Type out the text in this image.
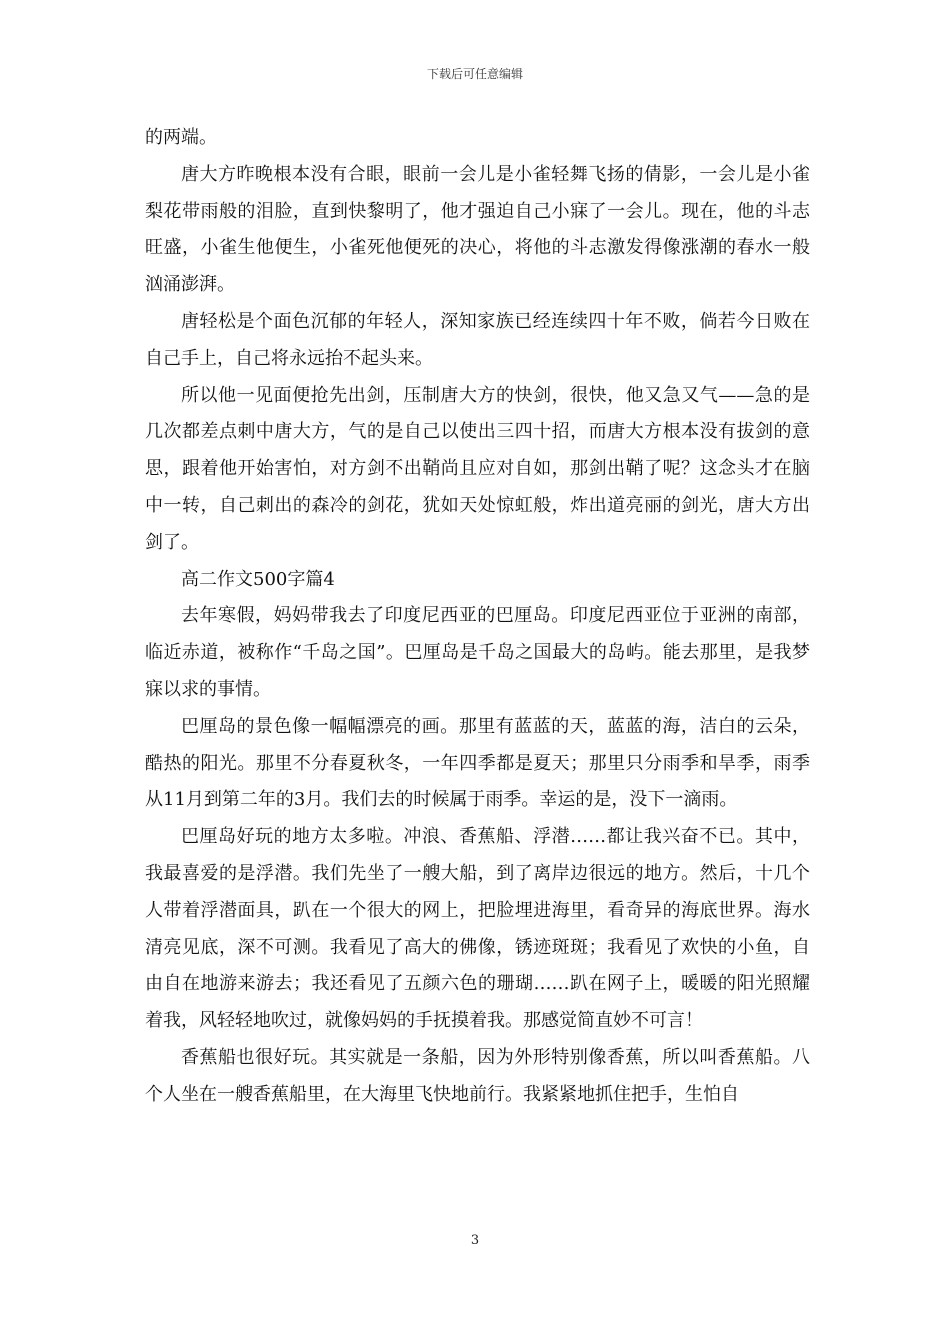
下载后可任意编辑

的两端。

唐大方昨晚根本没有合眼，眼前一会儿是小雀轻舞飞扬的倩影，一会儿是小雀梨花带雨般的泪脸，直到快黎明了，他才强迫自己小寐了一会儿。现在，他的斗志旺盛，小雀生他便生，小雀死他便死的决心，将他的斗志激发得像涨潮的春水一般汹涌澎湃。

唐轻松是个面色沉郁的年轻人，深知家族已经连续四十年不败，倘若今日败在自己手上，自己将永远抬不起头来。

所以他一见面便抢先出剑，压制唐大方的快剑，很快，他又急又气——急的是几次都差点刺中唐大方，气的是自己以使出三四十招，而唐大方根本没有拔剑的意思，跟着他开始害怕，对方剑不出鞘尚且应对自如，那剑出鞘了呢？这念头才在脑中一转，自己刺出的森冷的剑花，犹如天处惊虹般，炸出道亮丽的剑光，唐大方出剑了。

高二作文500字篇4

去年寒假，妈妈带我去了印度尼西亚的巴厘岛。印度尼西亚位于亚洲的南部，临近赤道，被称作“千岛之国”。巴厘岛是千岛之国最大的岛屿。能去那里，是我梦寐以求的事情。

巴厘岛的景色像一幅幅漂亮的画。那里有蓝蓝的天，蓝蓝的海，洁白的云朵，酷热的阳光。那里不分春夏秋冬，一年四季都是夏天；那里只分雨季和旱季，雨季从11月到第二年的3月。我们去的时候属于雨季。幸运的是，没下一滴雨。

巴厘岛好玩的地方太多啦。冲浪、香蕉船、浮潜……都让我兴奋不已。其中，我最喜爱的是浮潜。我们先坐了一艘大船，到了离岸边很远的地方。然后，十几个人带着浮潜面具，趴在一个很大的网上，把脸埋进海里，看奇异的海底世界。海水清亮见底，深不可测。我看见了高大的佛像，锈迹斑斑；我看见了欢快的小鱼，自由自在地游来游去；我还看见了五颜六色的珊瑚……趴在网子上，暖暖的阳光照耀着我，风轻轻地吹过，就像妈妈的手抚摸着我。那感觉简直妙不可言！

香蕉船也很好玩。其实就是一条船，因为外形特别像香蕉，所以叫香蕉船。八个人坐在一艘香蕉船里，在大海里飞快地前行。我紧紧地抓住把手，生怕自

3
